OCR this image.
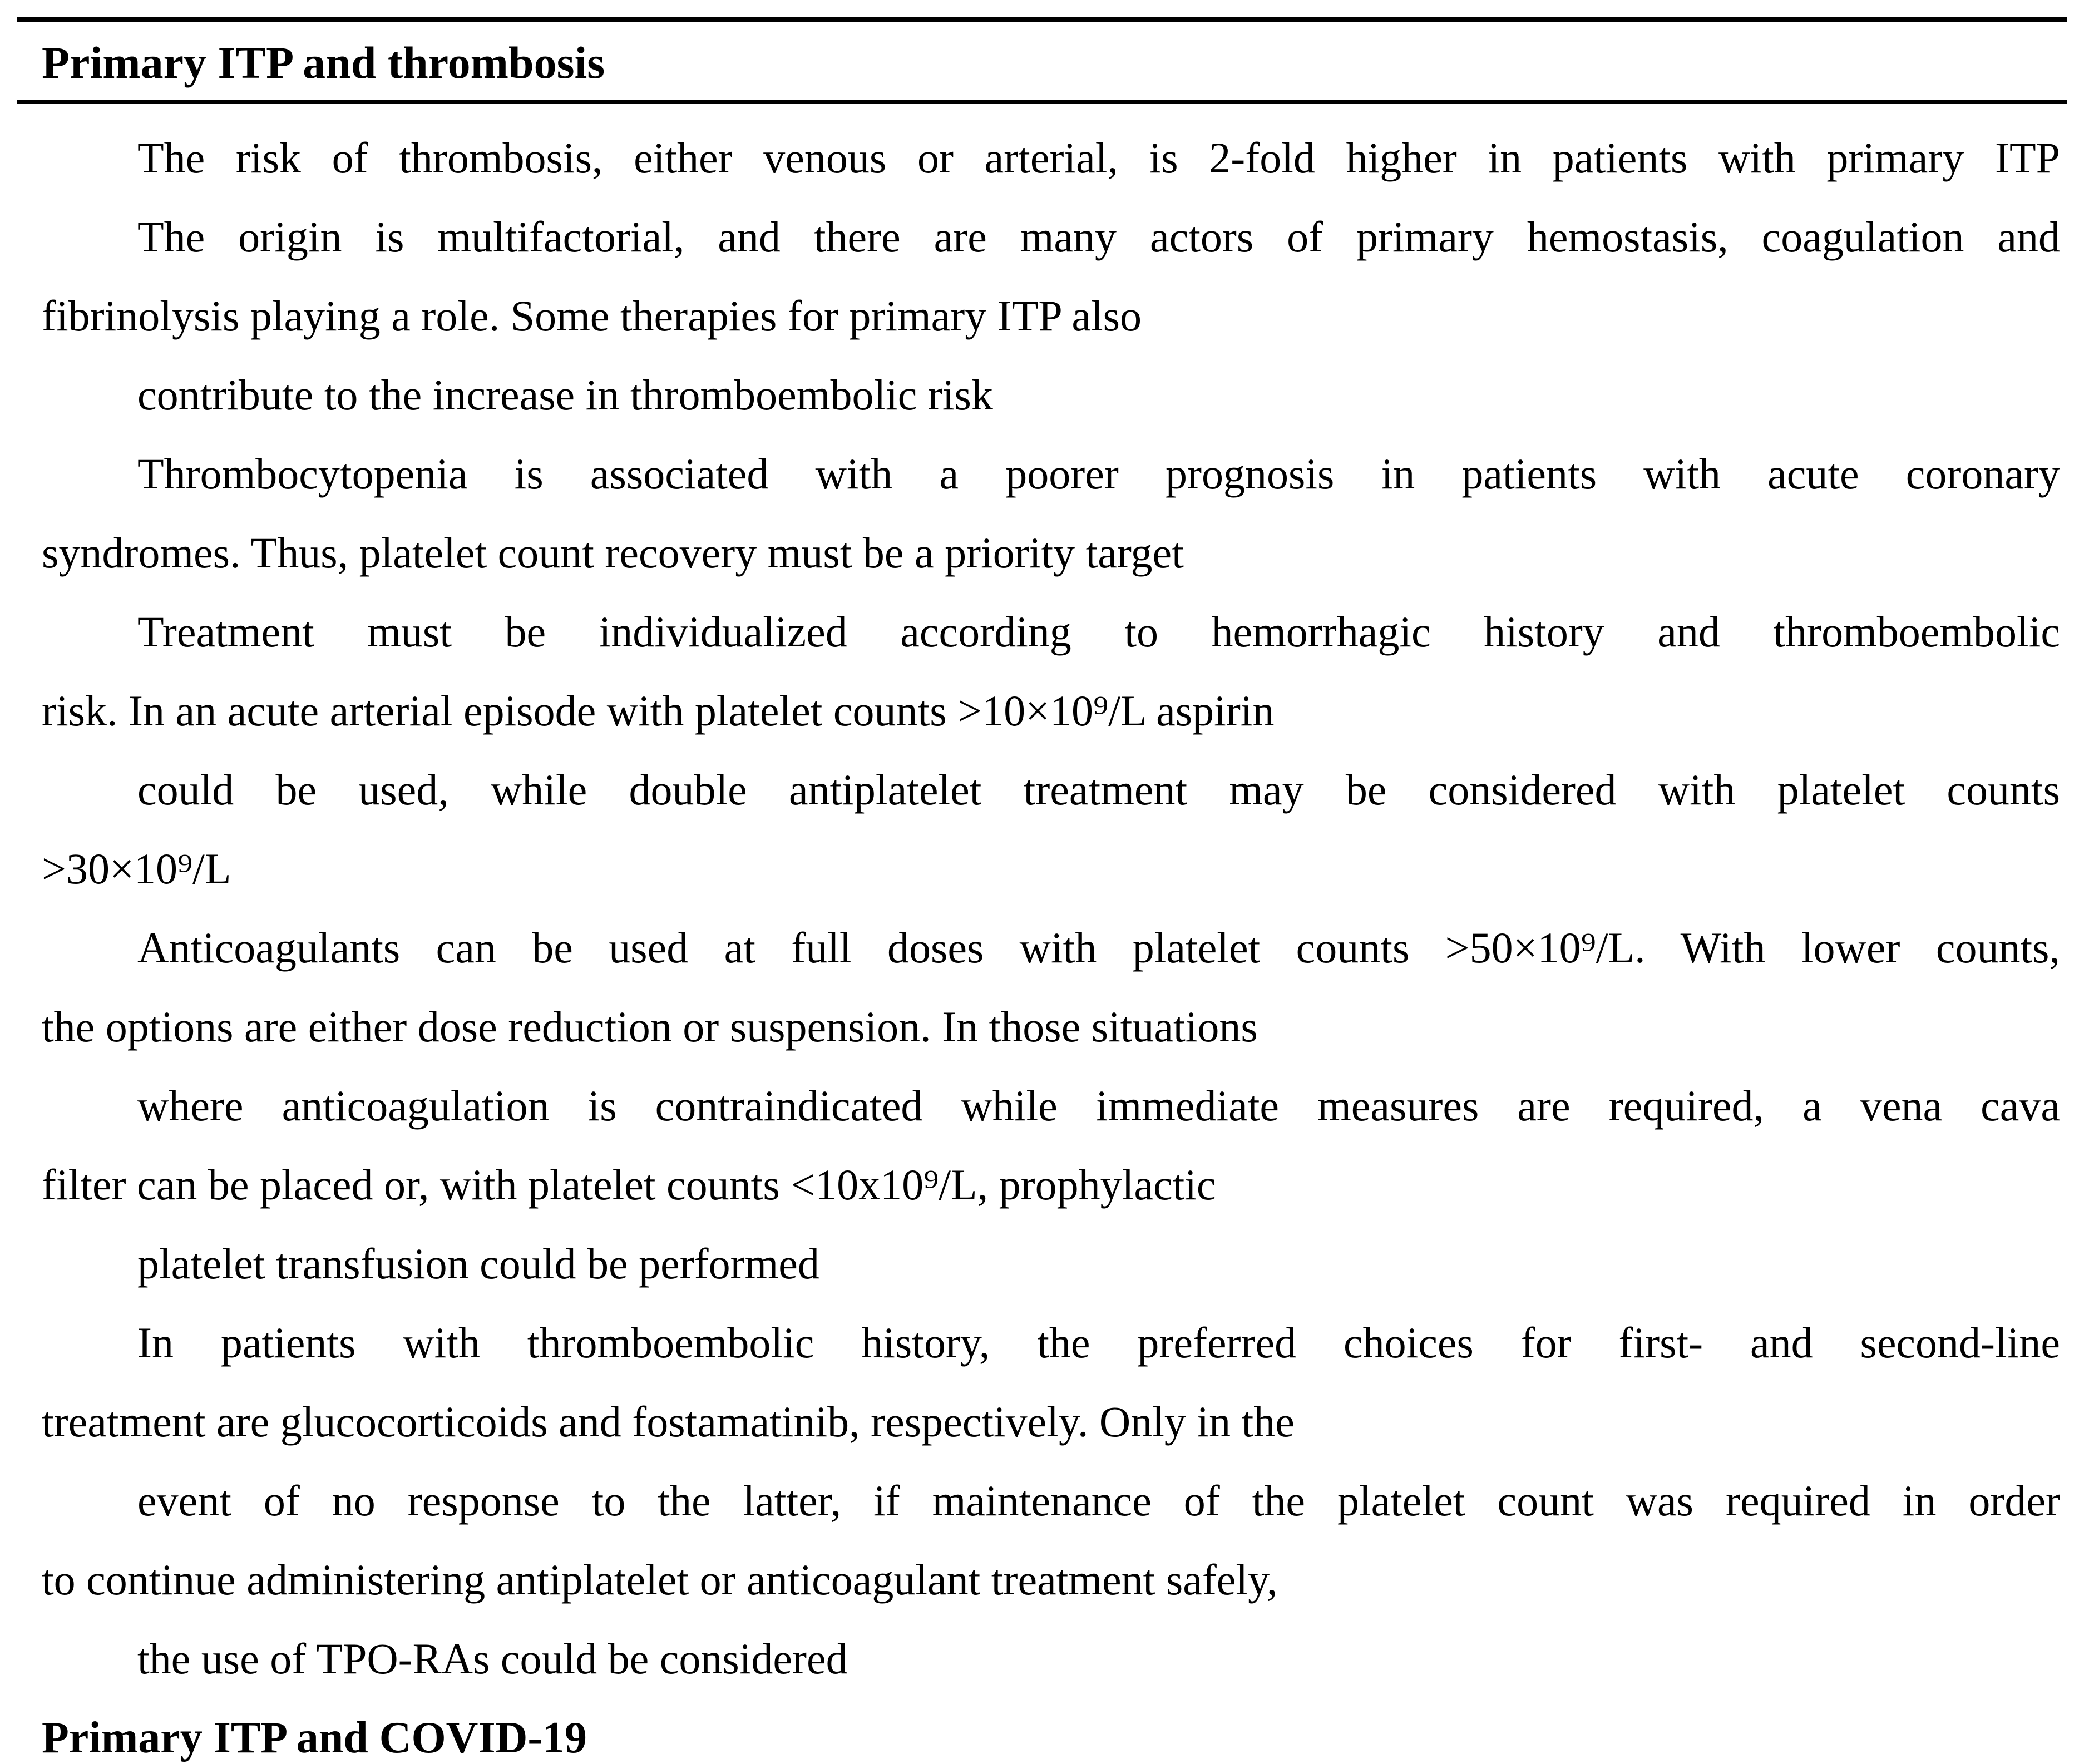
Primary ITP and thrombosis
The risk of thrombosis, either venous or arterial, is 2-fold higher in patients with primary ITP
The origin is multifactorial, and there are many actors of primary hemostasis, coagulation and
fibrinolysis playing a role. Some therapies for primary ITP also
contribute to the increase in thromboembolic risk
Thrombocytopenia is associated with a poorer prognosis in patients with acute coronary
syndromes. Thus, platelet count recovery must be a priority target
Treatment must be individualized according to hemorrhagic history and thromboembolic
risk. In an acute arterial episode with platelet counts >10×10⁹/L aspirin
could be used, while double antiplatelet treatment may be considered with platelet counts
>30×10⁹/L
Anticoagulants can be used at full doses with platelet counts >50×10⁹/L. With lower counts,
the options are either dose reduction or suspension. In those situations
where anticoagulation is contraindicated while immediate measures are required, a vena cava
filter can be placed or, with platelet counts <10x10⁹/L, prophylactic
platelet transfusion could be performed
In patients with thromboembolic history, the preferred choices for first- and second-line
treatment are glucocorticoids and fostamatinib, respectively. Only in the
event of no response to the latter, if maintenance of the platelet count was required in order
to continue administering antiplatelet or anticoagulant treatment safely,
the use of TPO-RAs could be considered
Primary ITP and COVID-19
